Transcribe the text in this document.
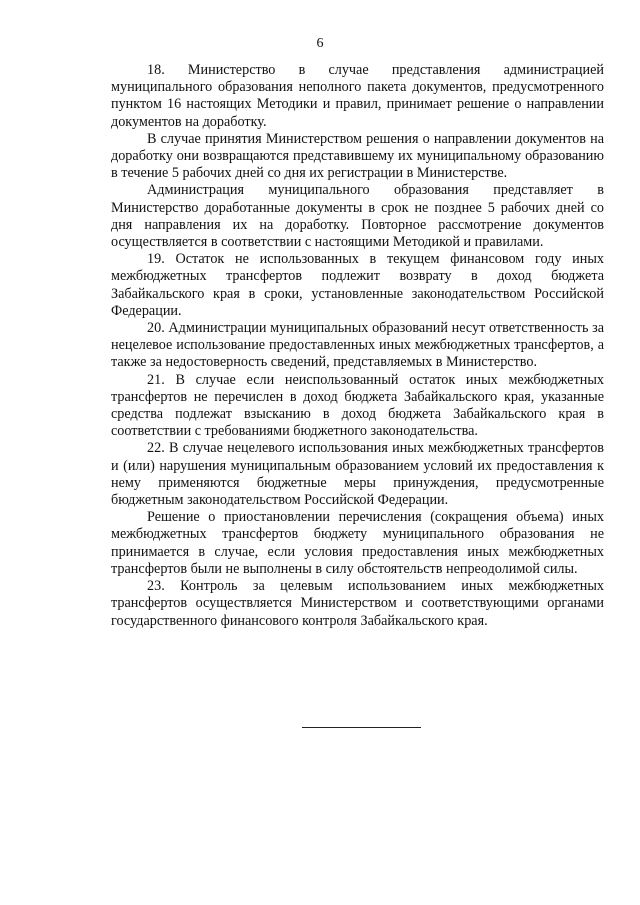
6

18. Министерство в случае представления администрацией муниципального образования неполного пакета документов, предусмотренного пунктом 16 настоящих Методики и правил, принимает решение о направлении документов на доработку.

В случае принятия Министерством решения о направлении документов на доработку они возвращаются представившему их муниципальному образованию в течение 5 рабочих дней со дня их регистрации в Министерстве.

Администрация муниципального образования представляет в Министерство доработанные документы в срок не позднее 5 рабочих дней со дня направления их на доработку. Повторное рассмотрение документов осуществляется в соответствии с настоящими Методикой и правилами.

19. Остаток не использованных в текущем финансовом году иных межбюджетных трансфертов подлежит возврату в доход бюджета Забайкальского края в сроки, установленные законодательством Российской Федерации.

20. Администрации муниципальных образований несут ответственность за нецелевое использование предоставленных иных межбюджетных трансфертов, а также за недостоверность сведений, представляемых в Министерство.

21. В случае если неиспользованный остаток иных межбюджетных трансфертов не перечислен в доход бюджета Забайкальского края, указанные средства подлежат взысканию в доход бюджета Забайкальского края в соответствии с требованиями бюджетного законодательства.

22. В случае нецелевого использования иных межбюджетных трансфертов и (или) нарушения муниципальным образованием условий их предоставления к нему применяются бюджетные меры принуждения, предусмотренные бюджетным законодательством Российской Федерации.

Решение о приостановлении перечисления (сокращения объема) иных межбюджетных трансфертов бюджету муниципального образования не принимается в случае, если условия предоставления иных межбюджетных трансфертов были не выполнены в силу обстоятельств непреодолимой силы.

23. Контроль за целевым использованием иных межбюджетных трансфертов осуществляется Министерством и соответствующими органами государственного финансового контроля Забайкальского края.
